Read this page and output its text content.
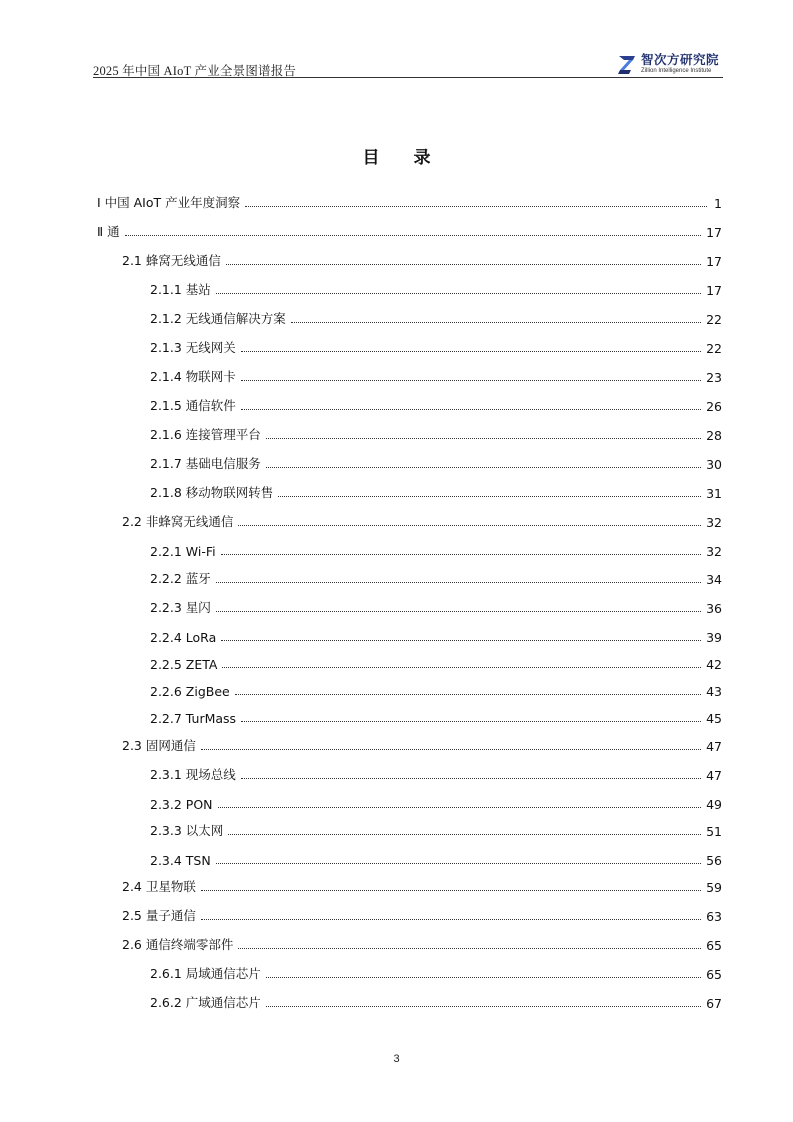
2025 年中国 AIoT 产业全景图谱报告
智次方研究院
Zillion Intelligence Institute
目 录
Ⅰ 中国 AIoT 产业年度洞察	1
Ⅱ 通	17
2.1 蜂窝无线通信	17
2.1.1 基站	17
2.1.2 无线通信解决方案	22
2.1.3 无线网关	22
2.1.4 物联网卡	23
2.1.5 通信软件	26
2.1.6 连接管理平台	28
2.1.7 基础电信服务	30
2.1.8 移动物联网转售	31
2.2 非蜂窝无线通信	32
2.2.1 Wi-Fi	32
2.2.2 蓝牙	34
2.2.3 星闪	36
2.2.4 LoRa	39
2.2.5 ZETA	42
2.2.6 ZigBee	43
2.2.7 TurMass	45
2.3 固网通信	47
2.3.1 现场总线	47
2.3.2 PON	49
2.3.3 以太网	51
2.3.4 TSN	56
2.4 卫星物联	59
2.5 量子通信	63
2.6 通信终端零部件	65
2.6.1 局域通信芯片	65
2.6.2 广域通信芯片	67
3
